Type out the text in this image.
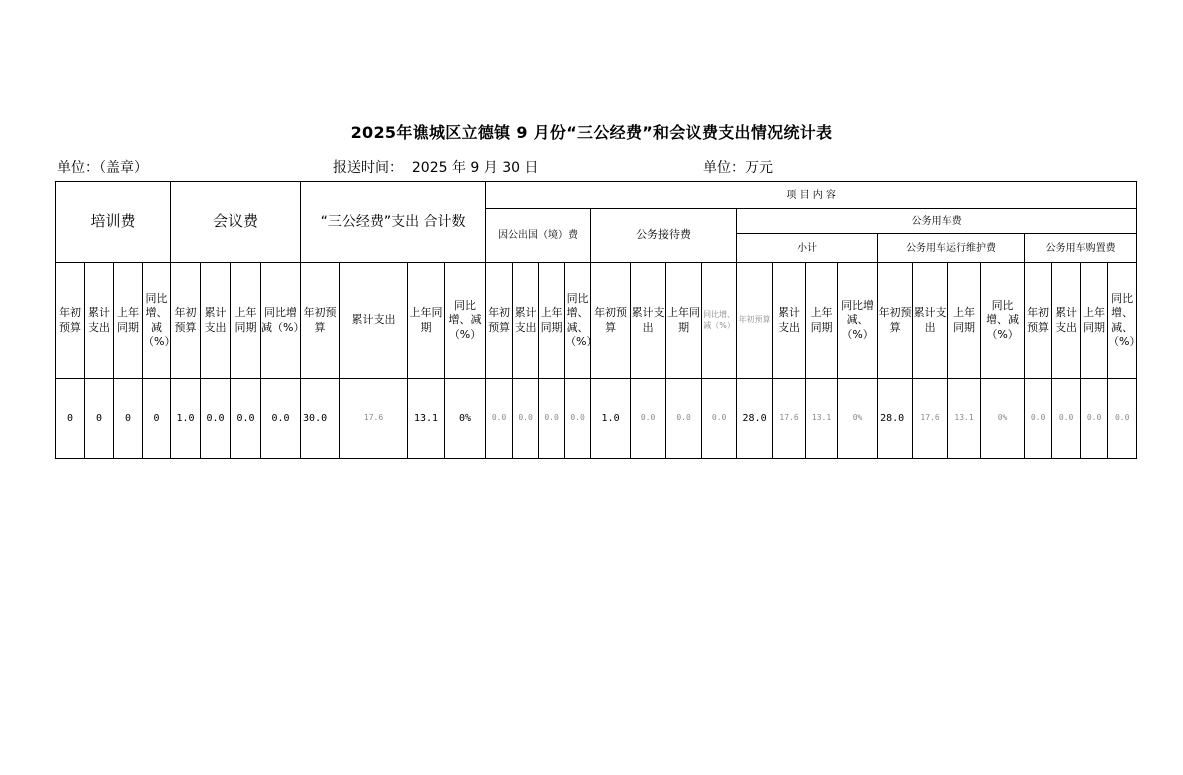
2025年谯城区立德镇 9 月份“三公经费”和会议费支出情况统计表
单位：（盖章）	报送时间：  2025 年 9 月 30 日	单位：万元
培训费				会议费				“三公经费”支出 合计数				项 目 内 容																			
												因公出国（境）费				公务接待费				公务用车费											
																				小计				公务用车运行维护费				公务用车购置费			
年初预算	累计支出	上年同期	同比增、减（%）	年初预算	累计支出	上年同期	同比增减（%）	年初预算	累计支出	上年同期	同比增、减（%）	年初预算	累计支出	上年同期	同比增、减、（%）	年初预算	累计支出	上年同期	同比增、减（%）	年初预算	累计支出	上年同期	同比增减、（%）	年初预算	累计支出	上年同期	同比增、减（%）	年初预算	累计支出	上年同期	同比增、减、（%）
0	0	0	0	1.0	0.0	0.0	0.0	30.0	17.6	13.1	0%	0.0	0.0	0.0	0.0	1.0	0.0	0.0	0.0	28.0	17.6	13.1	0%	28.0	17.6	13.1	0%	0.0	0.0	0.0	0.0
